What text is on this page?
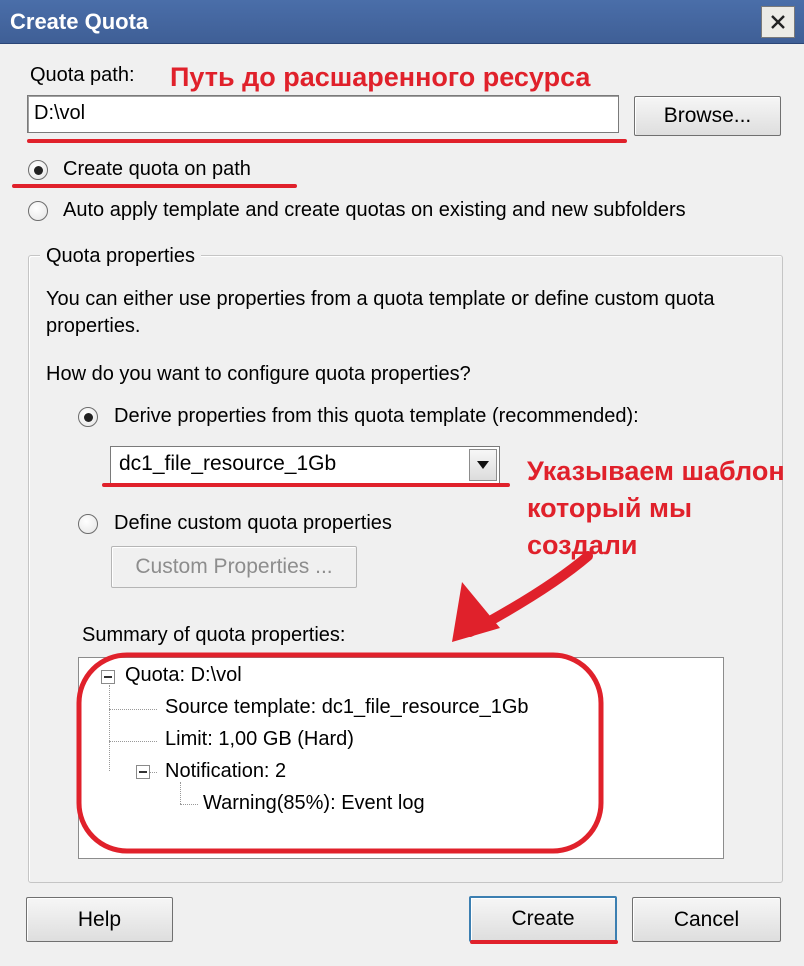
Create Quota
Quota path:
D:\vol	Browse...
Create quota on path
Auto apply template and create quotas on existing and new subfolders
Quota properties
You can either use properties from a quota template or define custom quota properties.
How do you want to configure quota properties?
Derive properties from this quota template (recommended):
dc1_file_resource_1Gb
Define custom quota properties
Custom Properties ...
Summary of quota properties:
Quota: D:\vol
Source template: dc1_file_resource_1Gb
Limit: 1,00 GB (Hard)
Notification: 2
Warning(85%): Event log
Help	Create	Cancel
Путь до расшаренного ресурса
Указываем шаблон
который мы
создали
